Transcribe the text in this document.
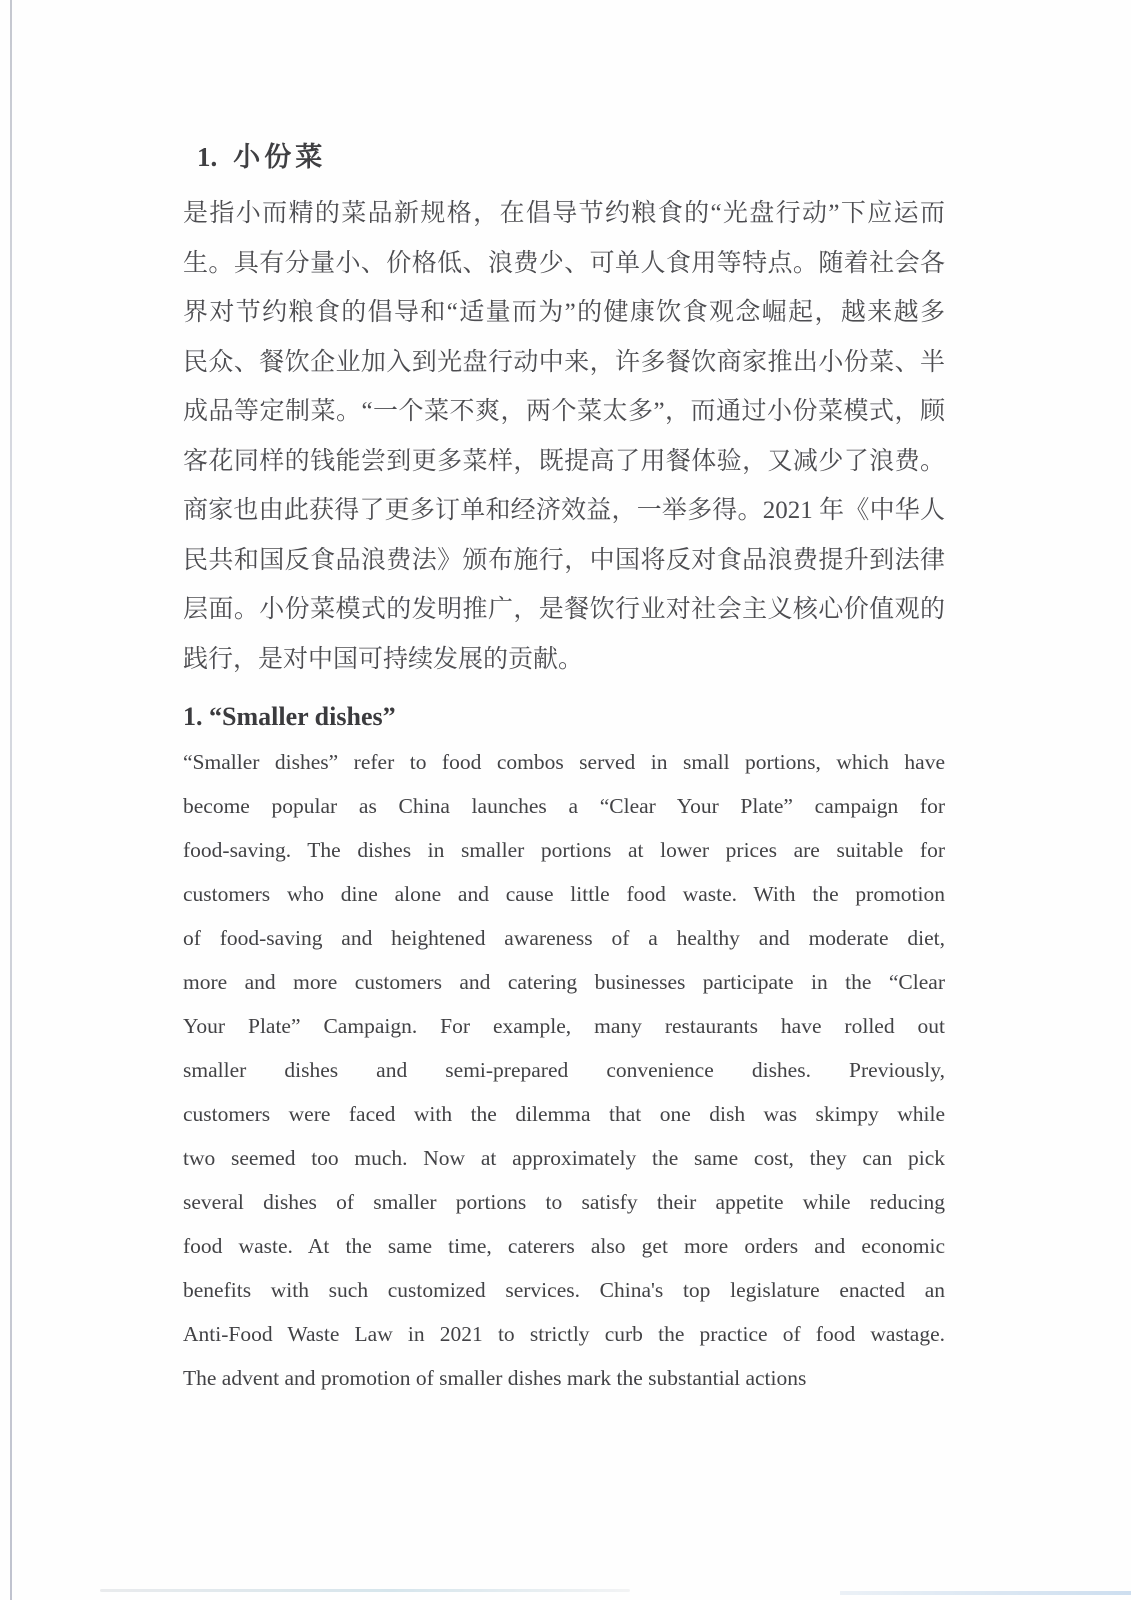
1. 小份菜
是指小而精的菜品新规格，在倡导节约粮食的“光盘行动”下应运而
生。具有分量小、价格低、浪费少、可单人食用等特点。随着社会各
界对节约粮食的倡导和“适量而为”的健康饮食观念崛起，越来越多
民众、餐饮企业加入到光盘行动中来，许多餐饮商家推出小份菜、半
成品等定制菜。“一个菜不爽，两个菜太多”，而通过小份菜模式，顾
客花同样的钱能尝到更多菜样，既提高了用餐体验，又减少了浪费。
商家也由此获得了更多订单和经济效益，一举多得。2021 年《中华人
民共和国反食品浪费法》颁布施行，中国将反对食品浪费提升到法律
层面。小份菜模式的发明推广，是餐饮行业对社会主义核心价值观的
践行，是对中国可持续发展的贡献。
1. “Smaller dishes”
“Smaller dishes” refer to food combos served in small portions, which have
become popular as China launches a “Clear Your Plate” campaign for
food-saving. The dishes in smaller portions at lower prices are suitable for
customers who dine alone and cause little food waste. With the promotion
of food-saving and heightened awareness of a healthy and moderate diet,
more and more customers and catering businesses participate in the “Clear
Your Plate” Campaign. For example, many restaurants have rolled out
smaller dishes and semi-prepared convenience dishes. Previously,
customers were faced with the dilemma that one dish was skimpy while
two seemed too much. Now at approximately the same cost, they can pick
several dishes of smaller portions to satisfy their appetite while reducing
food waste. At the same time, caterers also get more orders and economic
benefits with such customized services. China's top legislature enacted an
Anti-Food Waste Law in 2021 to strictly curb the practice of food wastage.
The advent and promotion of smaller dishes mark the substantial actions
